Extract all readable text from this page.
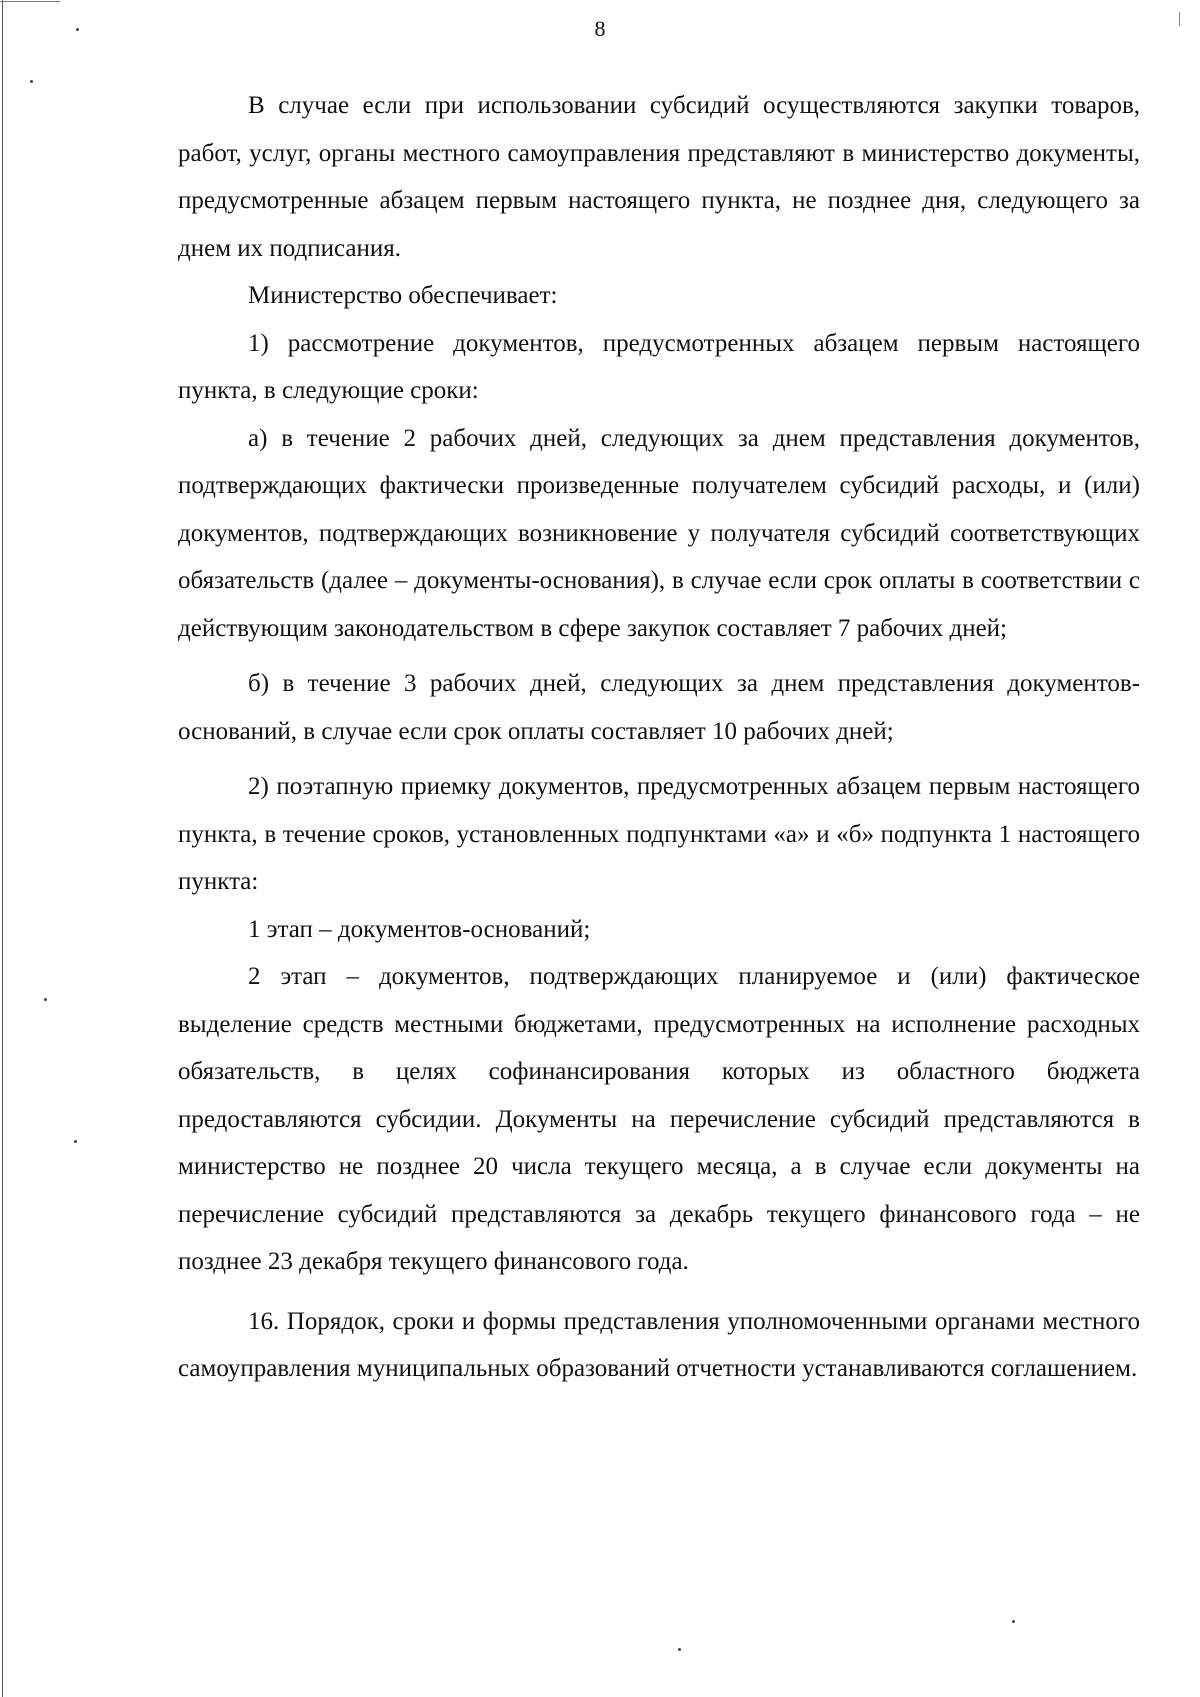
8

В случае если при использовании субсидий осуществляются закупки товаров, работ, услуг, органы местного самоуправления представляют в министерство документы, предусмотренные абзацем первым настоящего пункта, не позднее дня, следующего за днем их подписания.

Министерство обеспечивает:

1) рассмотрение документов, предусмотренных абзацем первым настоящего пункта, в следующие сроки:

а) в течение 2 рабочих дней, следующих за днем представления документов, подтверждающих фактически произведенные получателем субсидий расходы, и (или) документов, подтверждающих возникновение у получателя субсидий соответствующих обязательств (далее – документы-основания), в случае если срок оплаты в соответствии с действующим законодательством в сфере закупок составляет 7 рабочих дней;

б) в течение 3 рабочих дней, следующих за днем представления документов-оснований, в случае если срок оплаты составляет 10 рабочих дней;

2) поэтапную приемку документов, предусмотренных абзацем первым настоящего пункта, в течение сроков, установленных подпунктами «а» и «б» подпункта 1 настоящего пункта:

1 этап – документов-оснований;

2 этап – документов, подтверждающих планируемое и (или) фактическое выделение средств местными бюджетами, предусмотренных на исполнение расходных обязательств, в целях софинансирования которых из областного бюджета предоставляются субсидии. Документы на перечисление субсидий представляются в министерство не позднее 20 числа текущего месяца, а в случае если документы на перечисление субсидий представляются за декабрь текущего финансового года – не позднее 23 декабря текущего финансового года.

16. Порядок, сроки и формы представления уполномоченными органами местного самоуправления муниципальных образований отчетности устанавливаются соглашением.
